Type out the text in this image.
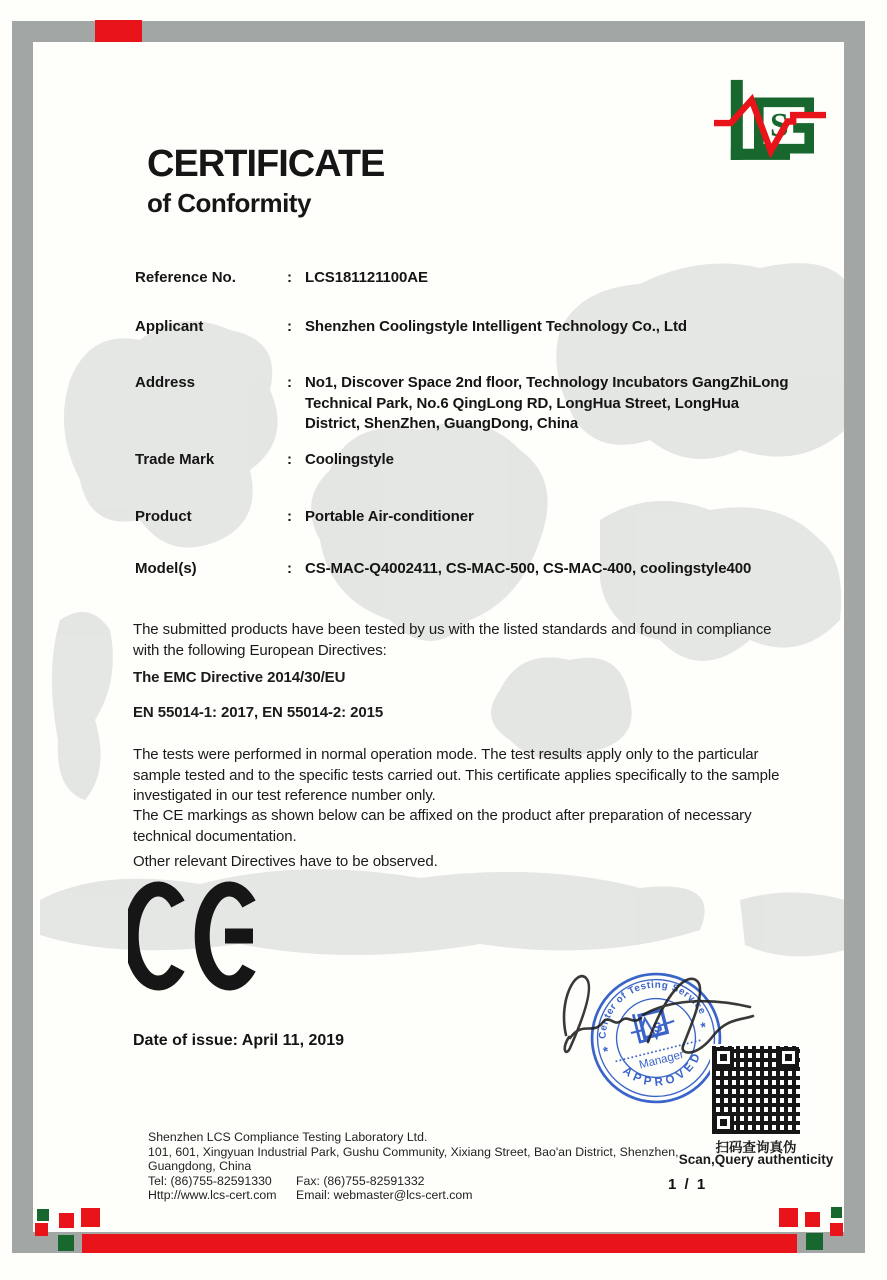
S
CERTIFICATE
of Conformity
Reference No.	: LCS181121100AE
Applicant	: Shenzhen Coolingstyle Intelligent Technology Co., Ltd
Address	: No1, Discover Space 2nd floor, Technology Incubators GangZhiLong Technical Park, No.6 QingLong RD, LongHua Street, LongHua District, ShenZhen, GuangDong, China
Trade Mark	: Coolingstyle
Product	: Portable Air-conditioner
Model(s)	: CS-MAC-Q4002411, CS-MAC-500, CS-MAC-400, coolingstyle400
The submitted products have been tested by us with the listed standards and found in compliance with the following European Directives:
The EMC Directive 2014/30/EU
EN 55014-1: 2017, EN 55014-2: 2015
The tests were performed in normal operation mode. The test results apply only to the particular sample tested and to the specific tests carried out. This certificate applies specifically to the sample investigated in our test reference number only.
The CE markings as shown below can be affixed on the product after preparation of necessary technical documentation.
Other relevant Directives have to be observed.
Date of issue: April 11, 2019	Center of Testing Service
APPROVED
*
*
S
Manager
扫码查询真伪
Scan,Query authenticity
Shenzhen LCS Compliance Testing Laboratory Ltd.
101, 601, Xingyuan Industrial Park, Gushu Community, Xixiang Street, Bao'an District, Shenzhen,
Guangdong, China
Tel: (86)755-82591330 Fax: (86)755-82591332
Http://www.lcs-cert.com Email: webmaster@lcs-cert.com
1 / 1
